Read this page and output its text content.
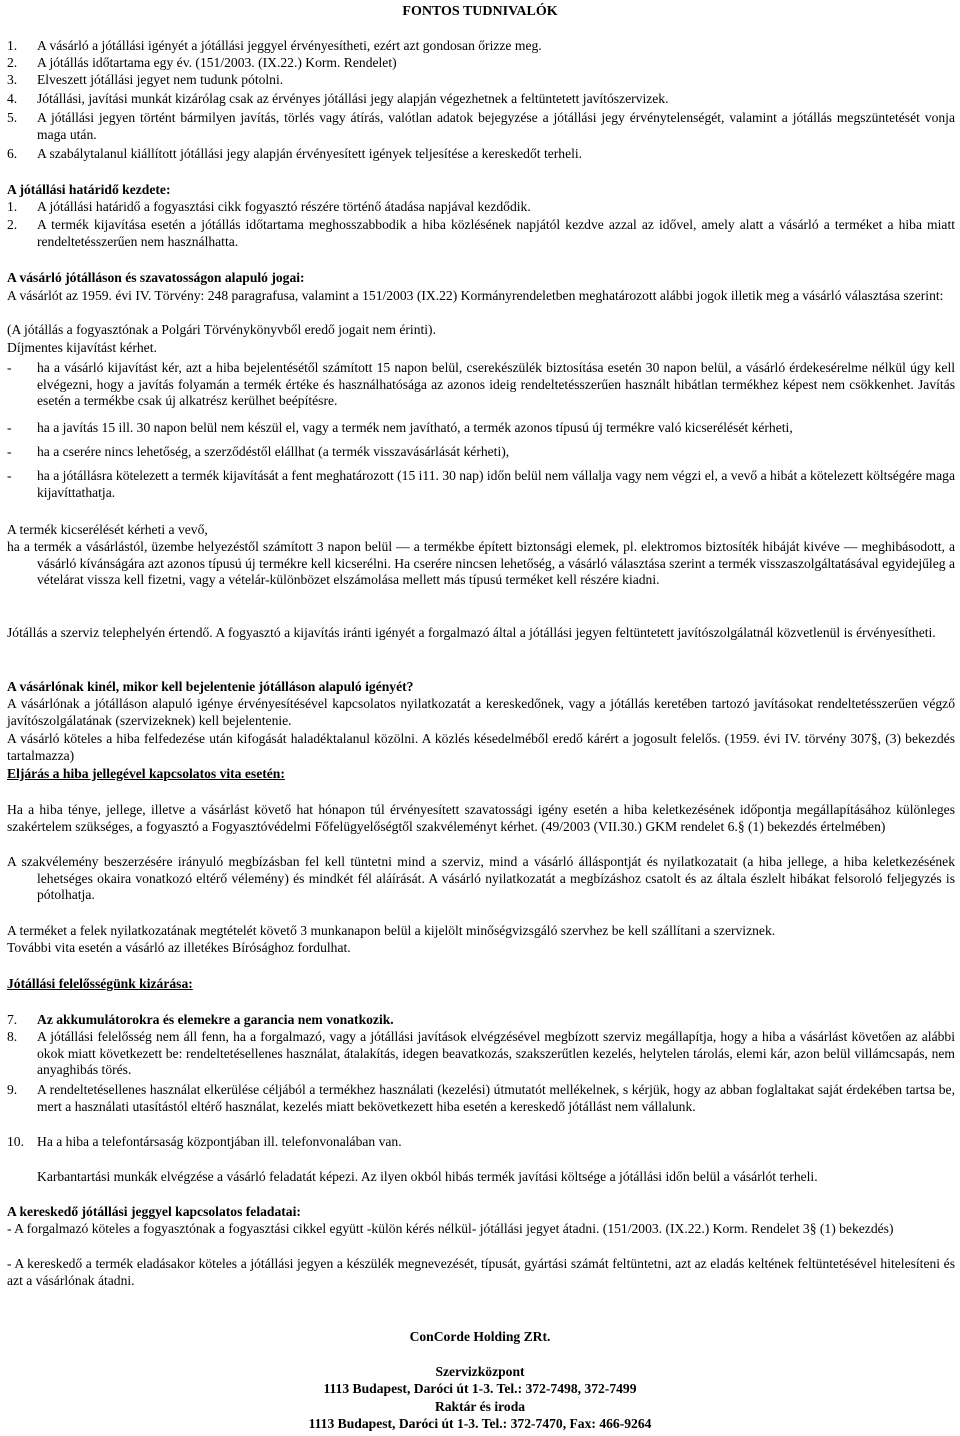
FONTOS TUDNIVALÓK
1. A vásárló a jótállási igényét a jótállási jeggyel érvényesítheti, ezért azt gondosan őrizze meg.
2. A jótállás időtartama egy év. (151/2003. (IX.22.) Korm. Rendelet)
3. Elveszett jótállási jegyet nem tudunk pótolni.
4. Jótállási, javítási munkát kizárólag csak az érvényes jótállási jegy alapján végezhetnek a feltüntetett javítószervizek.
5. A jótállási jegyen történt bármilyen javítás, törlés vagy átírás, valótlan adatok bejegyzése a jótállási jegy érvénytelenségét, valamint a jótállás megszüntetését vonja maga után.
6. A szabálytalanul kiállított jótállási jegy alapján érvényesített igények teljesítése a kereskedőt terheli.
A jótállási határidő kezdete:
1. A jótállási határidő a fogyasztási cikk fogyasztó részére történő átadása napjával kezdődik.
2. A termék kijavítása esetén a jótállás időtartama meghosszabbodik a hiba közlésének napjától kezdve azzal az idővel, amely alatt a vásárló a terméket a hiba miatt rendeltetésszerűen nem használhatta.
A vásárló jótálláson és szavatosságon alapuló jogai:
A vásárlót az 1959. évi IV. Törvény: 248 paragrafusa, valamint a 151/2003 (IX.22) Kormányrendeletben meghatározott alábbi jogok illetik meg a vásárló választása szerint:
(A jótállás a fogyasztónak a Polgári Törvénykönyvből eredő jogait nem érinti).
Díjmentes kijavítást kérhet.
- ha a vásárló kijavítást kér, azt a hiba bejelentésétől számított 15 napon belül, cserekészülék biztosítása esetén 30 napon belül, a vásárló érdekesérelme nélkül úgy kell elvégezni, hogy a javítás folyamán a termék értéke és használhatósága az azonos ideig rendeltetésszerűen használt hibátlan termékhez képest nem csökkenhet. Javítás esetén a termékbe csak új alkatrész kerülhet beépítésre.
- ha a javítás 15 ill. 30 napon belül nem készül el, vagy a termék nem javítható, a termék azonos típusú új termékre való kicserélését kérheti,
- ha a cserére nincs lehetőség, a szerződéstől elállhat (a termék visszavásárlását kérheti),
- ha a jótállásra kötelezett a termék kijavítását a fent meghatározott (15 i11. 30 nap) időn belül nem vállalja vagy nem végzi el, a vevő a hibát a kötelezett költségére maga kijavíttathatja.
A termék kicserélését kérheti a vevő,
ha a termék a vásárlástól, üzembe helyezéstől számított 3 napon belül — a termékbe épített biztonsági elemek, pl. elektromos biztosíték hibáját kivéve — meghibásodott, a vásárló kívánságára azt azonos típusú új termékre kell kicserélni. Ha cserére nincsen lehetőség, a vásárló választása szerint a termék visszaszolgáltatásával egyidejűleg a vételárat vissza kell fizetni, vagy a vételár-különbözet elszámolása mellett más típusú terméket kell részére kiadni.
Jótállás a szerviz telephelyén értendő. A fogyasztó a kijavítás iránti igényét a forgalmazó által a jótállási jegyen feltüntetett javítószolgálatnál közvetlenül is érvényesítheti.
A vásárlónak kinél, mikor kell bejelentenie jótálláson alapuló igényét?
A vásárlónak a jótálláson alapuló igénye érvényesítésével kapcsolatos nyilatkozatát a kereskedőnek, vagy a jótállás keretében tartozó javításokat rendeltetésszerűen végző javítószolgálatának (szervizeknek) kell bejelentenie.
A vásárló köteles a hiba felfedezése után kifogását haladéktalanul közölni. A közlés késedelméből eredő kárért a jogosult felelős. (1959. évi IV. törvény 307§, (3) bekezdés tartalmazza)
Eljárás a hiba jellegével kapcsolatos vita esetén:
Ha a hiba ténye, jellege, illetve a vásárlást követő hat hónapon túl érvényesített szavatossági igény esetén a hiba keletkezésének időpontja megállapításához különleges szakértelem szükséges, a fogyasztó a Fogyasztóvédelmi Főfelügyelőségtől szakvéleményt kérhet. (49/2003 (VII.30.) GKM rendelet 6.§ (1) bekezdés értelmében)
A szakvélemény beszerzésére irányuló megbízásban fel kell tüntetni mind a szerviz, mind a vásárló álláspontját és nyilatkozatait (a hiba jellege, a hiba keletkezésének lehetséges okaira vonatkozó eltérő vélemény) és mindkét fél aláírását. A vásárló nyilatkozatát a megbízáshoz csatolt és az általa észlelt hibákat felsoroló feljegyzés is pótolhatja.
A terméket a felek nyilatkozatának megtételét követő 3 munkanapon belül a kijelölt minőségvizsgáló szervhez be kell szállítani a szerviznek.
További vita esetén a vásárló az illetékes Bírósághoz fordulhat.
Jótállási felelősségünk kizárása:
7. Az akkumulátorokra és elemekre a garancia nem vonatkozik.
8. A jótállási felelősség nem áll fenn, ha a forgalmazó, vagy a jótállási javítások elvégzésével megbízott szerviz megállapítja, hogy a hiba a vásárlást követően az alábbi okok miatt következett be: rendeltetésellenes használat, átalakítás, idegen beavatkozás, szakszerűtlen kezelés, helytelen tárolás, elemi kár, azon belül villámcsapás, nem anyaghibás törés.
9. A rendeltetésellenes használat elkerülése céljából a termékhez használati (kezelési) útmutatót mellékelnek, s kérjük, hogy az abban foglaltakat saját érdekében tartsa be, mert a használati utasítástól eltérő használat, kezelés miatt bekövetkezett hiba esetén a kereskedő jótállást nem vállalunk.
10. Ha a hiba a telefontársaság központjában ill. telefonvonalában van.
Karbantartási munkák elvégzése a vásárló feladatát képezi. Az ilyen okból hibás termék javítási költsége a jótállási időn belül a vásárlót terheli.
A kereskedő jótállási jeggyel kapcsolatos feladatai:
- A forgalmazó köteles a fogyasztónak a fogyasztási cikkel együtt -külön kérés nélkül- jótállási jegyet átadni. (151/2003. (IX.22.) Korm. Rendelet 3§ (1) bekezdés)
- A kereskedő a termék eladásakor köteles a jótállási jegyen a készülék megnevezését, típusát, gyártási számát feltüntetni, azt az eladás keltének feltüntetésével hitelesíteni és azt a vásárlónak átadni.
ConCorde Holding ZRt.
Szervizközpont
1113 Budapest, Daróci út 1-3. Tel.: 372-7498, 372-7499
Raktár és iroda
1113 Budapest, Daróci út 1-3. Tel.: 372-7470, Fax: 466-9264
